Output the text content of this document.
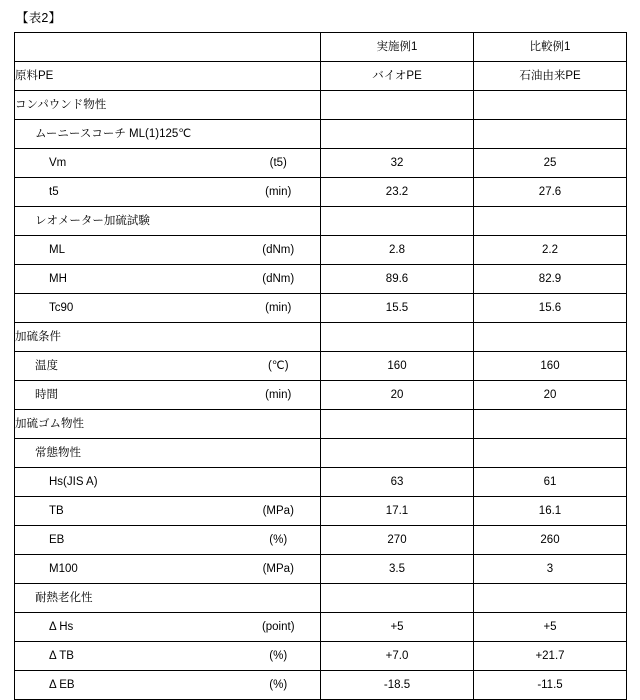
【表2】
		実施例1	比較例1
原料PE		バイオPE	石油由来PE
コンパウンド物性			
ムーニースコーチ ML(1)125℃			
Vm	(t5)	32	25
t5	(min)	23.2	27.6
レオメーター加硫試験			
ML	(dNm)	2.8	2.2
MH	(dNm)	89.6	82.9
Tc90	(min)	15.5	15.6
加硫条件			
温度	(℃)	160	160
時間	(min)	20	20
加硫ゴム物性			
常態物性			
Hs(JIS A)		63	61
TB	(MPa)	17.1	16.1
EB	(%)	270	260
M100	(MPa)	3.5	3
耐熱老化性			
Δ Hs	(point)	+5	+5
Δ TB	(%)	+7.0	+21.7
Δ EB	(%)	-18.5	-11.5
